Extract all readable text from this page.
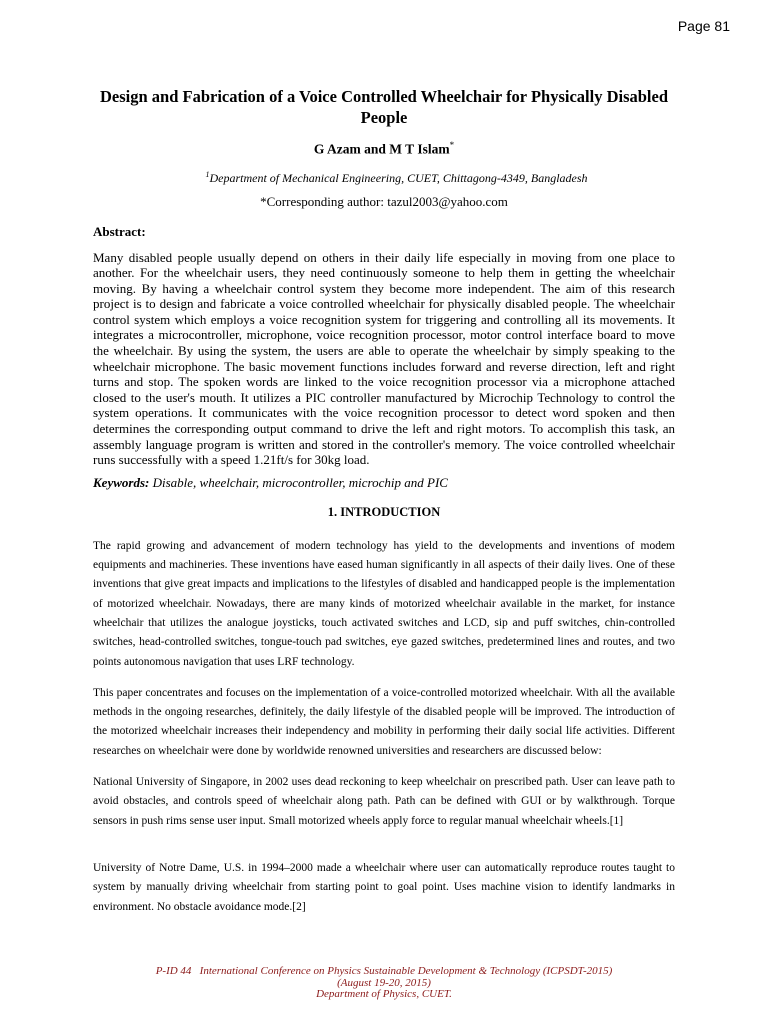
Page 81
Design and Fabrication of a Voice Controlled Wheelchair for Physically Disabled People
G Azam and M T Islam*
$^1$Department of Mechanical Engineering, CUET, Chittagong-4349, Bangladesh
*Corresponding author: tazul2003@yahoo.com
Abstract:

Many disabled people usually depend on others in their daily life especially in moving from one place to another. For the wheelchair users, they need continuously someone to help them in getting the wheelchair moving. By having a wheelchair control system they become more independent. The aim of this research project is to design and fabricate a voice controlled wheelchair for physically disabled people. The wheelchair control system which employs a voice recognition system for triggering and controlling all its movements. It integrates a microcontroller, microphone, voice recognition processor, motor control interface board to move the wheelchair. By using the system, the users are able to operate the wheelchair by simply speaking to the wheelchair microphone. The basic movement functions includes forward and reverse direction, left and right turns and stop. The spoken words are linked to the voice recognition processor via a microphone attached closed to the user's mouth. It utilizes a PIC controller manufactured by Microchip Technology to control the system operations. It communicates with the voice recognition processor to detect word spoken and then determines the corresponding output command to drive the left and right motors. To accomplish this task, an assembly language program is written and stored in the controller's memory. The voice controlled wheelchair runs successfully with a speed 1.21ft/s for 30kg load.

Keywords: Disable, wheelchair, microcontroller, microchip and PIC
1. INTRODUCTION

The rapid growing and advancement of modern technology has yield to the developments and inventions of modem equipments and machineries. These inventions have eased human significantly in all aspects of their daily lives. One of these inventions that give great impacts and implications to the lifestyles of disabled and handicapped people is the implementation of motorized wheelchair. Nowadays, there are many kinds of motorized wheelchair available in the market, for instance wheelchair that utilizes the analogue joysticks, touch activated switches and LCD, sip and puff switches, chin-controlled switches, head-controlled switches, tongue-touch pad switches, eye gazed switches, predetermined lines and routes, and two points autonomous navigation that uses LRF technology.

This paper concentrates and focuses on the implementation of a voice-controlled motorized wheelchair. With all the available methods in the ongoing researches, definitely, the daily lifestyle of the disabled people will be improved. The introduction of the motorized wheelchair increases their independency and mobility in performing their daily social life activities. Different researches on wheelchair were done by worldwide renowned universities and researchers are discussed below:

National University of Singapore, in 2002 uses dead reckoning to keep wheelchair on prescribed path. User can leave path to avoid obstacles, and controls speed of wheelchair along path. Path can be defined with GUI or by walkthrough. Torque sensors in push rims sense user input. Small motorized wheels apply force to regular manual wheelchair wheels.[1]

University of Notre Dame, U.S. in 1994–2000 made a wheelchair where user can automatically reproduce routes taught to system by manually driving wheelchair from starting point to goal point. Uses machine vision to identify landmarks in environment. No obstacle avoidance mode.[2]

P-ID 44   International Conference on Physics Sustainable Development & Technology (ICPSDT-2015)
(August 19-20, 2015)
Department of Physics, CUET.
